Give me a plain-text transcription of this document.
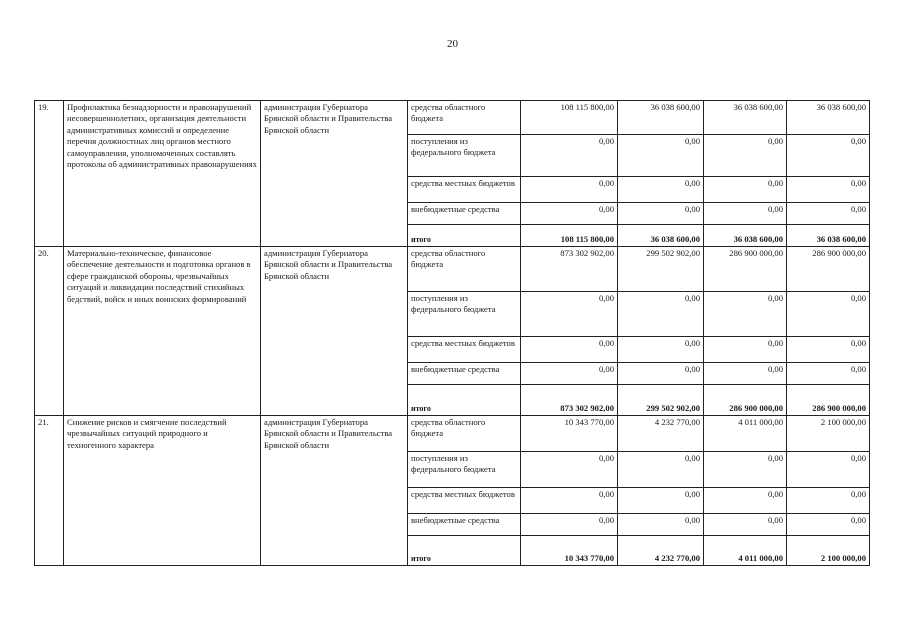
20
19.	Профилактика безнадзорности и правонарушений несовершеннолетних, организация деятельности административных комиссий и определение перечня должностных лиц органов местного самоуправления, уполномоченных составлять протоколы об административных правонарушениях	администрация Губернатора Брянской области и Правительства Брянской области	средства областного бюджета	108 115 800,00	36 038 600,00	36 038 600,00	36 038 600,00
			поступления из федерального бюджета	0,00	0,00	0,00	0,00
			средства местных бюджетов	0,00	0,00	0,00	0,00
			внебюджетные средства	0,00	0,00	0,00	0,00
			итого	108 115 800,00	36 038 600,00	36 038 600,00	36 038 600,00
20.	Материально-техническое, финансовое обеспечение деятельности и подготовка органов в сфере гражданской обороны, чрезвычайных ситуаций и ликвидации последствий стихийных бедствий, войск и иных воинских формирований	администрация Губернатора Брянской области и Правительства Брянской области	средства областного бюджета	873 302 902,00	299 502 902,00	286 900 000,00	286 900 000,00
			поступления из федерального бюджета	0,00	0,00	0,00	0,00
			средства местных бюджетов	0,00	0,00	0,00	0,00
			внебюджетные средства	0,00	0,00	0,00	0,00
			итого	873 302 902,00	299 502 902,00	286 900 000,00	286 900 000,00
21.	Снижение рисков и смягчение последствий чрезвычайных ситуаций природного и техногенного характера	администрация Губернатора Брянской области и Правительства Брянской области	средства областного бюджета	10 343 770,00	4 232 770,00	4 011 000,00	2 100 000,00
			поступления из федерального бюджета	0,00	0,00	0,00	0,00
			средства местных бюджетов	0,00	0,00	0,00	0,00
			внебюджетные средства	0,00	0,00	0,00	0,00
			итого	10 343 770,00	4 232 770,00	4 011 000,00	2 100 000,00
